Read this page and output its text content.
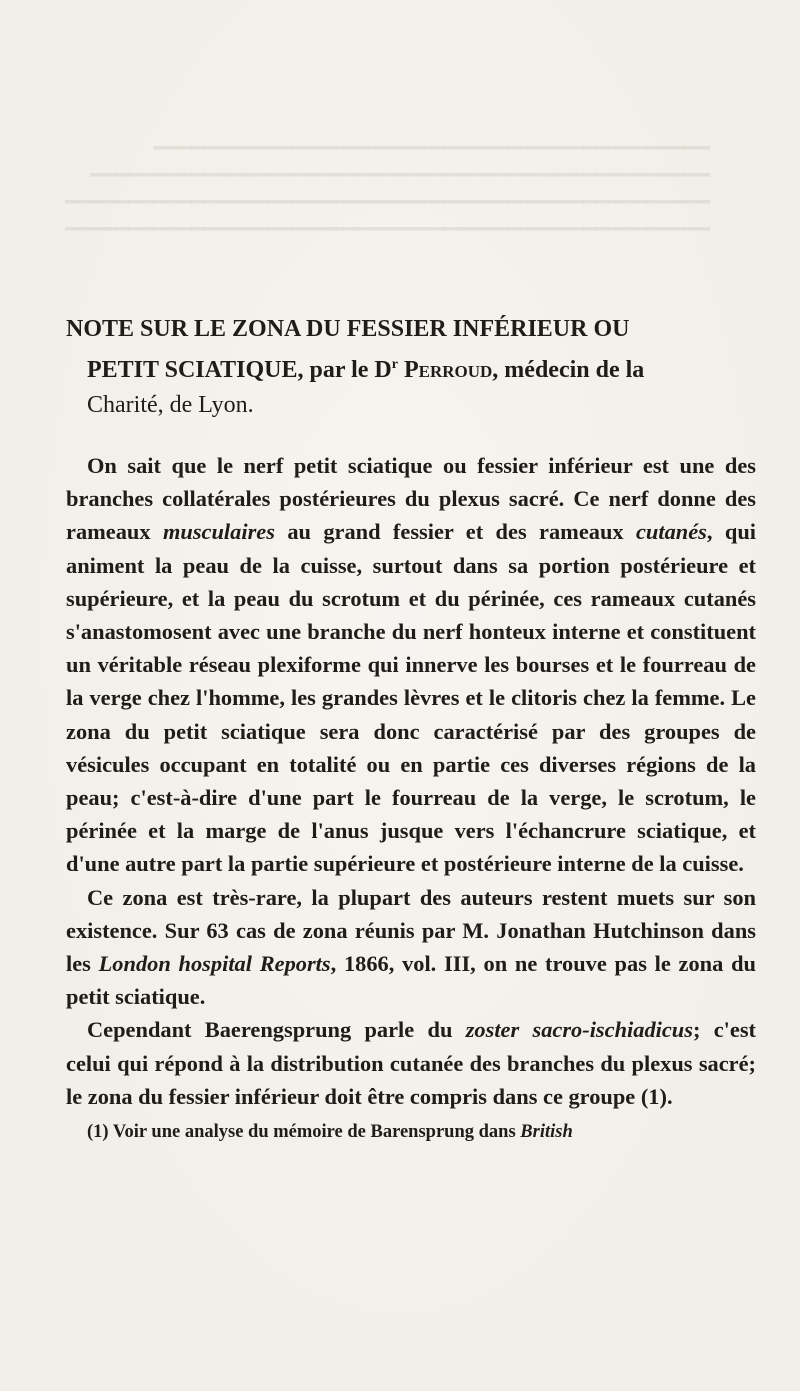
━━━━━━━━━━━━━━━━━━━━━━━━━━━━━━━━━━━━━━━━━━━━
━━━━━━━━━━━━━━━━━━━━━━━━━━━━━━━━━━━━━━━━━━━━━━━━━
━━━━━━━━━━━━━━━━━━━━━━━━━━━━━━━━━━━━━━━━━━━━━━━━━━━
━━━━━━━━━━━━━━━━━━━━━━━━━━━━━━━━━━━━━━━━━━━━━━━━━━━
NOTE SUR LE ZONA DU FESSIER INFÉRIEUR OU
PETIT SCIATIQUE, par le $D^r$ Perroud, médecin de la
Charité, de Lyon.

On sait que le nerf petit sciatique ou fessier inférieur est une des branches collatérales postérieures du plexus sacré. Ce nerf donne des rameaux musculaires au grand fessier et des rameaux cutanés, qui animent la peau de la cuisse, surtout dans sa portion postérieure et supérieure, et la peau du scrotum et du périnée, ces rameaux cutanés s'anastomosent avec une branche du nerf honteux interne et constituent un véritable réseau plexiforme qui innerve les bourses et le fourreau de la verge chez l'homme, les grandes lèvres et le clitoris chez la femme. Le zona du petit sciatique sera donc caractérisé par des groupes de vésicules occupant en totalité ou en partie ces diverses régions de la peau; c'est-à-dire d'une part le fourreau de la verge, le scrotum, le périnée et la marge de l'anus jusque vers l'échancrure sciatique, et d'une autre part la partie supérieure et postérieure interne de la cuisse.

Ce zona est très-rare, la plupart des auteurs restent muets sur son existence. Sur 63 cas de zona réunis par M. Jonathan Hutchinson dans les London hospital Reports, 1866, vol. III, on ne trouve pas le zona du petit sciatique.

Cependant Baerengsprung parle du zoster sacro-ischiadicus; c'est celui qui répond à la distribution cutanée des branches du plexus sacré; le zona du fessier inférieur doit être compris dans ce groupe (1).

(1) Voir une analyse du mémoire de Barensprung dans British
